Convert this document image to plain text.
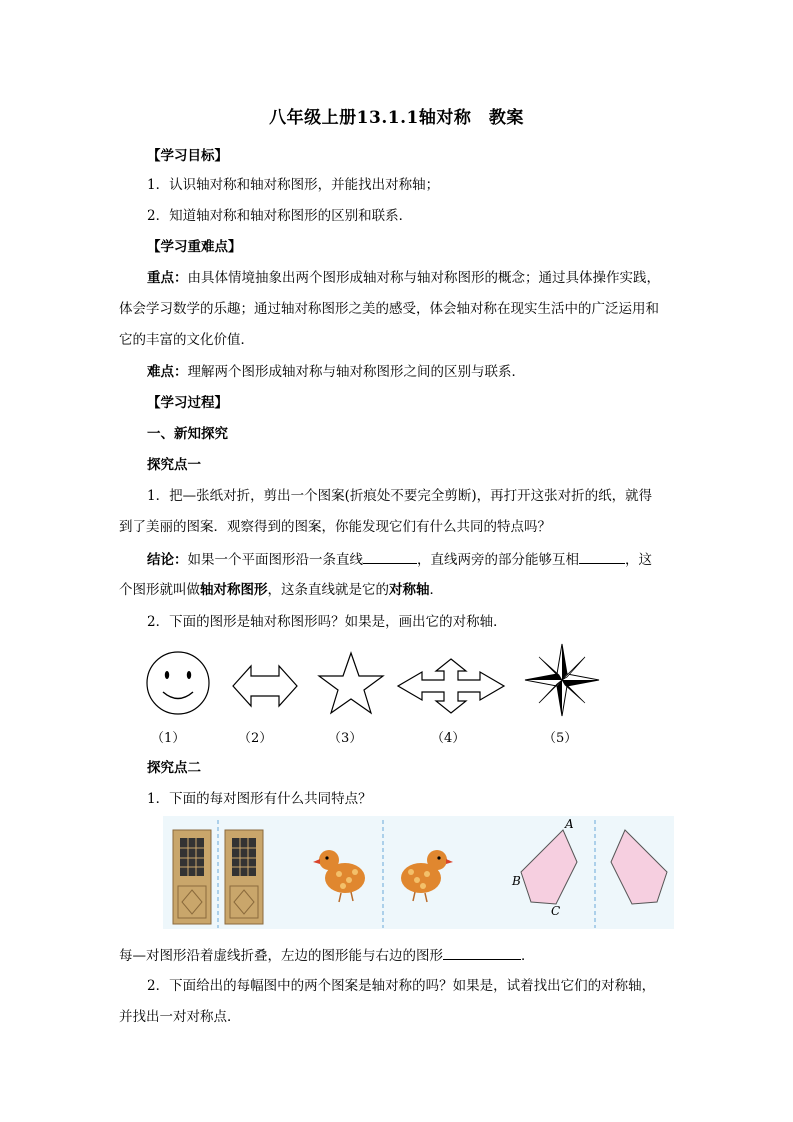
八年级上册13.1.1轴对称　教案
【学习目标】
1．认识轴对称和轴对称图形，并能找出对称轴；
2．知道轴对称和轴对称图形的区别和联系．
【学习重难点】
重点：由具体情境抽象出两个图形成轴对称与轴对称图形的概念；通过具体操作实践，
体会学习数学的乐趣；通过轴对称图形之美的感受，体会轴对称在现实生活中的广泛运用和
它的丰富的文化价值．
难点：理解两个图形成轴对称与轴对称图形之间的区别与联系．
【学习过程】
一、新知探究
探究点一
1．把—张纸对折，剪出一个图案(折痕处不要完全剪断)，再打开这张对折的纸，就得
到了美丽的图案．观察得到的图案，你能发现它们有什么共同的特点吗？
结论：如果一个平面图形沿一条直线	，直线两旁的部分能够互相	，这
个图形就叫做轴对称图形，这条直线就是它的对称轴．
2．下面的图形是轴对称图形吗？如果是，画出它的对称轴．
（1）	（2）	（3）	（4）	（5）
探究点二
1．下面的每对图形有什么共同特点？
A
B
C
每—对图形沿着虚线折叠，左边的图形能与右边的图形	．
2．下面给出的每幅图中的两个图案是轴对称的吗？如果是，试着找出它们的对称轴，
并找出一对对称点．
